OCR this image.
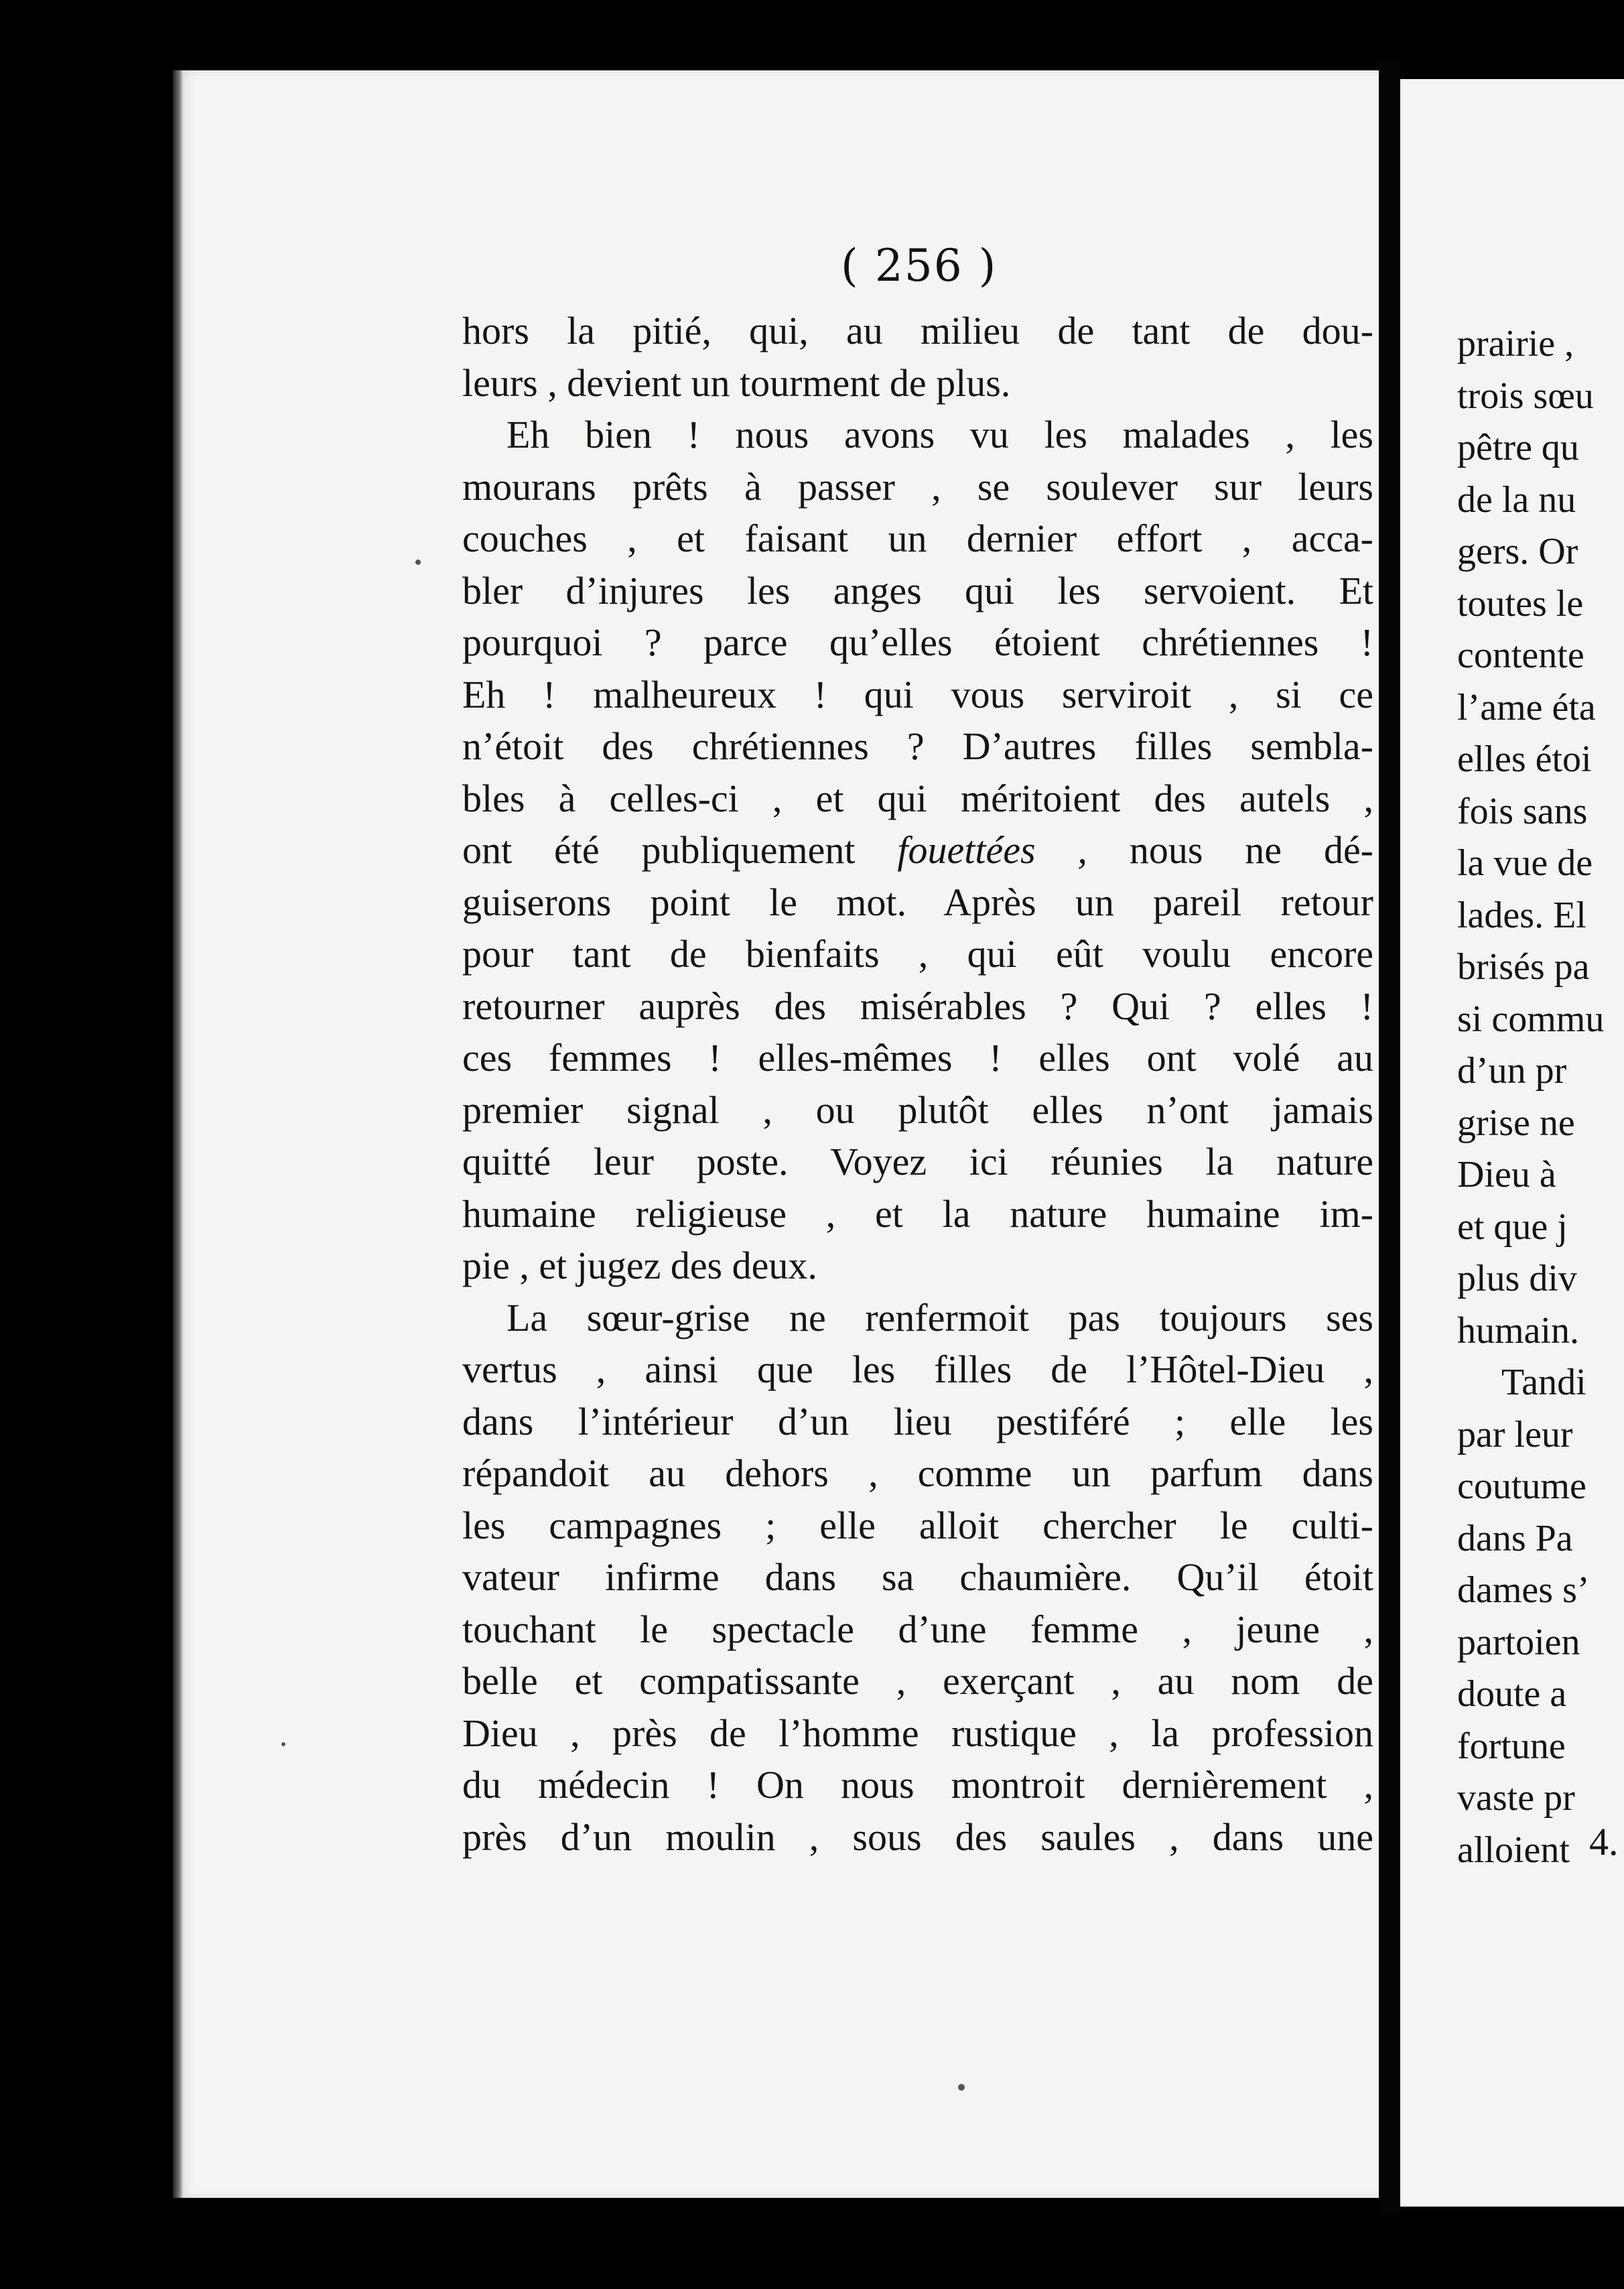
( 256 )
hors la pitié, qui, au milieu de tant de dou-
leurs , devient un tourment de plus.
Eh bien ! nous avons vu les malades , les
mourans prêts à passer , se soulever sur leurs
couches , et faisant un dernier effort , acca-
bler d’injures les anges qui les servoient. Et
pourquoi ? parce qu’elles étoient chrétiennes !
Eh ! malheureux ! qui vous serviroit , si ce
n’étoit des chrétiennes ? D’autres filles sembla-
bles à celles-ci , et qui méritoient des autels ,
ont été publiquement fouettées , nous ne dé-
guiserons point le mot. Après un pareil retour
pour tant de bienfaits , qui eût voulu encore
retourner auprès des misérables ? Qui ? elles !
ces femmes ! elles-mêmes ! elles ont volé au
premier signal , ou plutôt elles n’ont jamais
quitté leur poste. Voyez ici réunies la nature
humaine religieuse , et la nature humaine im-
pie , et jugez des deux.
La sœur-grise ne renfermoit pas toujours ses
vertus , ainsi que les filles de l’Hôtel-Dieu ,
dans l’intérieur d’un lieu pestiféré ; elle les
répandoit au dehors , comme un parfum dans
les campagnes ; elle alloit chercher le culti-
vateur infirme dans sa chaumière. Qu’il étoit
touchant le spectacle d’une femme , jeune ,
belle et compatissante , exerçant , au nom de
Dieu , près de l’homme rustique , la profession
du médecin ! On nous montroit dernièrement ,
près d’un moulin , sous des saules , dans une
prairie ,
trois sœu
pêtre qu
de la nu
gers. Or
toutes le
contente
l’ame éta
elles étoi
fois sans
la vue de
lades. El
brisés pa
si commu
d’un pr
grise ne
Dieu à
et que j
plus div
humain.
Tandi
par leur
coutume
dans Pa
dames s’
partoien
doute a
fortune
vaste pr
alloient 4.
